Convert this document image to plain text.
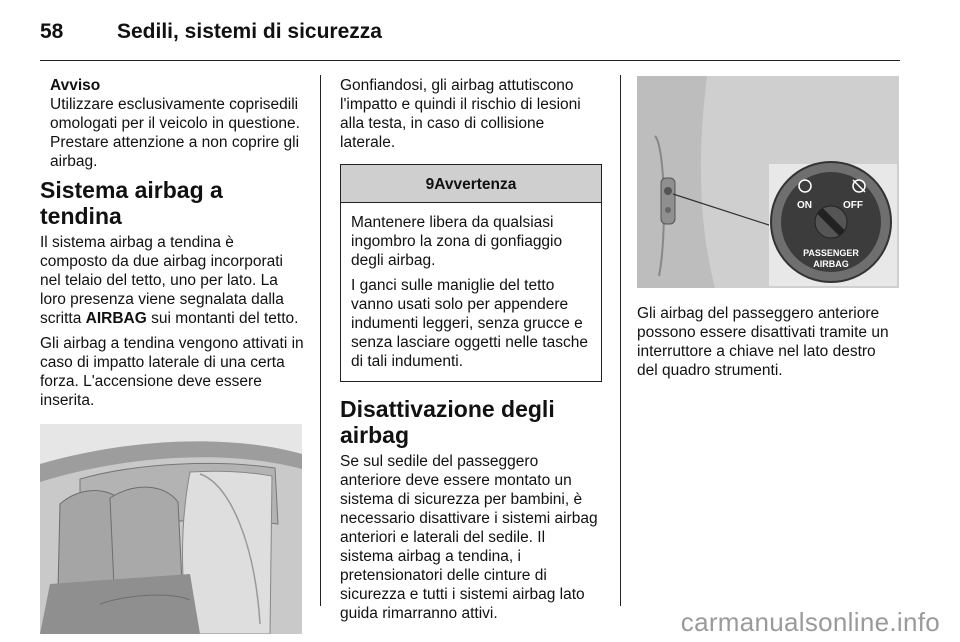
58	Sedili, sistemi di sicurezza
Avviso
Utilizzare esclusivamente coprisedili omologati per il veicolo in questione. Prestare attenzione a non coprire gli airbag.
Sistema airbag a tendina

Il sistema airbag a tendina è composto da due airbag incorporati nel telaio del tetto, uno per lato. La loro presenza viene segnalata dalla scritta AIRBAG sui montanti del tetto.

Gli airbag a tendina vengono attivati in caso di impatto laterale di una certa forza. L'accensione deve essere inserita.

Gonfiandosi, gli airbag attutiscono l'impatto e quindi il rischio di lesioni alla testa, in caso di collisione laterale.

9Avvertenza

Mantenere libera da qualsiasi ingombro la zona di gonfiaggio degli airbag.

I ganci sulle maniglie del tetto vanno usati solo per appendere indumenti leggeri, senza grucce e senza lasciare oggetti nelle tasche di tali indumenti.

Disattivazione degli airbag

Se sul sedile del passeggero anteriore deve essere montato un sistema di sicurezza per bambini, è necessario disattivare i sistemi airbag anteriori e laterali del sedile. Il sistema airbag a tendina, i pretensionatori delle cinture di sicurezza e tutti i sistemi airbag lato guida rimarranno attivi.

ON	OFF
PASSENGER
AIRBAG

Gli airbag del passeggero anteriore possono essere disattivati tramite un interruttore a chiave nel lato destro del quadro strumenti.

carmanualsonline.info
